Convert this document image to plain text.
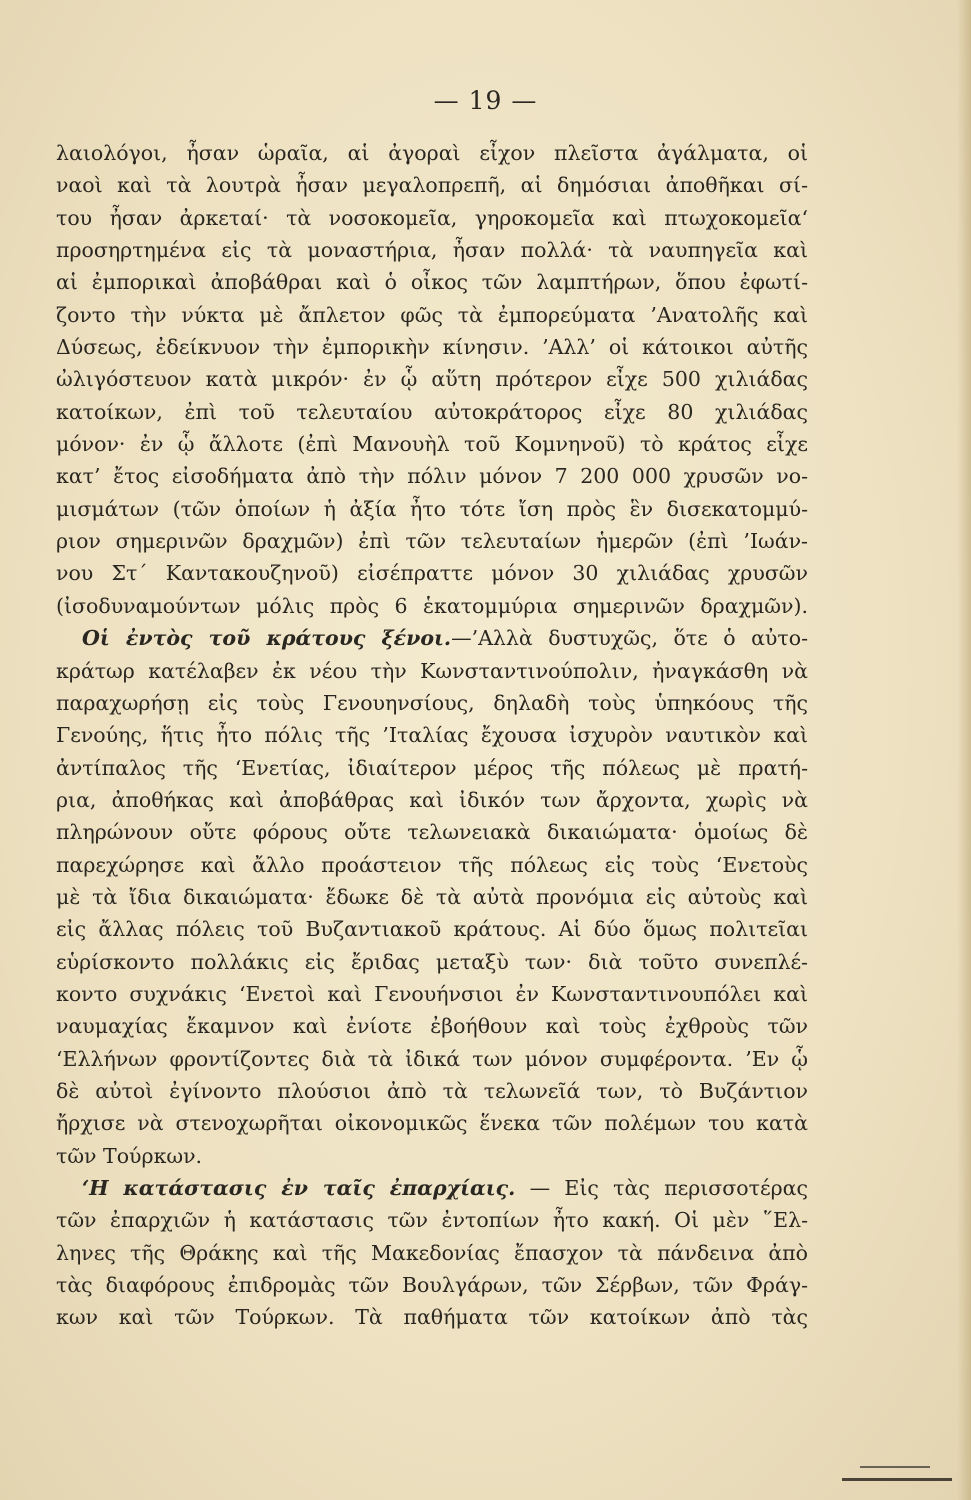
— 19 —
λαιολόγοι, ἦσαν ὡραῖα, αἱ ἀγοραὶ εἶχον πλεῖστα ἀγάλματα, οἱ
ναοὶ καὶ τὰ λουτρὰ ἦσαν μεγαλοπρεπῆ, αἱ δημόσιαι ἀποθῆκαι σί-
του ἦσαν ἀρκεταί· τὰ νοσοκομεῖα, γηροκομεῖα καὶ πτωχοκομεῖα‘
προσηρτημένα εἰς τὰ μοναστήρια, ἦσαν πολλά· τὰ ναυπηγεῖα καὶ
αἱ ἐμπορικαὶ ἀποβάθραι καὶ ὁ οἶκος τῶν λαμπτήρων, ὅπου ἐφωτί-
ζοντο τὴν νύκτα μὲ ἄπλετον φῶς τὰ ἐμπορεύματα ’Ανατολῆς καὶ
Δύσεως, ἐδείκνυον τὴν ἐμπορικὴν κίνησιν. ’Αλλ’ οἱ κάτοικοι αὐτῆς
ὠλιγόστευον κατὰ μικρόν· ἐν ᾧ αὕτη πρότερον εἶχε 500 χιλιάδας
κατοίκων, ἐπὶ τοῦ τελευταίου αὐτοκράτορος εἶχε 80 χιλιάδας
μόνον· ἐν ᾧ ἄλλοτε (ἐπὶ Μανουὴλ τοῦ Κομνηνοῦ) τὸ κράτος εἶχε
κατ’ ἔτος εἰσοδήματα ἀπὸ τὴν πόλιν μόνον 7 200 000 χρυσῶν νο-
μισμάτων (τῶν ὁποίων ἡ ἀξία ἦτο τότε ἴση πρὸς ἓν δισεκατομμύ-
ριον σημερινῶν δραχμῶν) ἐπὶ τῶν τελευταίων ἡμερῶν (ἐπὶ ’Ιωάν-
νου Στ΄ Καντακουζηνοῦ) εἰσέπραττε μόνον 30 χιλιάδας χρυσῶν
(ἰσοδυναμούντων μόλις πρὸς 6 ἑκατομμύρια σημερινῶν δραχμῶν).
Οἱ ἐντὸς τοῦ κράτους ξένοι.—’Αλλὰ δυστυχῶς, ὅτε ὁ αὐτο-
κράτωρ κατέλαβεν ἐκ νέου τὴν Κωνσταντινούπολιν, ἠναγκάσθη νὰ
παραχωρήσῃ εἰς τοὺς Γενουηνσίους, δηλαδὴ τοὺς ὑπηκόους τῆς
Γενούης, ἥτις ἦτο πόλις τῆς ’Ιταλίας ἔχουσα ἰσχυρὸν ναυτικὸν καὶ
ἀντίπαλος τῆς ‘Ενετίας, ἰδιαίτερον μέρος τῆς πόλεως μὲ πρατή-
ρια, ἀποθήκας καὶ ἀποβάθρας καὶ ἰδικόν των ἄρχοντα, χωρὶς νὰ
πληρώνουν οὔτε φόρους οὔτε τελωνειακὰ δικαιώματα· ὁμοίως δὲ
παρεχώρησε καὶ ἄλλο προάστειον τῆς πόλεως εἰς τοὺς ‘Ενετοὺς
μὲ τὰ ἴδια δικαιώματα· ἔδωκε δὲ τὰ αὐτὰ προνόμια εἰς αὐτοὺς καὶ
εἰς ἄλλας πόλεις τοῦ Βυζαντιακοῦ κράτους. Αἱ δύο ὅμως πολιτεῖαι
εὑρίσκοντο πολλάκις εἰς ἔριδας μεταξὺ των· διὰ τοῦτο συνεπλέ-
κοντο συχνάκις ‘Ενετοὶ καὶ Γενουήνσιοι ἐν Κωνσταντινουπόλει καὶ
ναυμαχίας ἔκαμνον καὶ ἐνίοτε ἐβοήθουν καὶ τοὺς ἐχθροὺς τῶν
‘Ελλήνων φροντίζοντες διὰ τὰ ἰδικά των μόνον συμφέροντα. ’Εν ᾧ
δὲ αὐτοὶ ἐγίνοντο πλούσιοι ἀπὸ τὰ τελωνεῖά των, τὸ Βυζάντιον
ἤρχισε νὰ στενοχωρῆται οἰκονομικῶς ἕνεκα τῶν πολέμων του κατὰ
τῶν Τούρκων.
‘Η κατάστασις ἐν ταῖς ἐπαρχίαις. — Εἰς τὰς περισσοτέρας
τῶν ἐπαρχιῶν ἡ κατάστασις τῶν ἐντοπίων ἦτο κακή. Οἱ μὲν ῞Ελ-
ληνες τῆς Θράκης καὶ τῆς Μακεδονίας ἔπασχον τὰ πάνδεινα ἀπὸ
τὰς διαφόρους ἐπιδρομὰς τῶν Βουλγάρων, τῶν Σέρβων, τῶν Φράγ-
κων καὶ τῶν Τούρκων. Τὰ παθήματα τῶν κατοίκων ἀπὸ τὰς
